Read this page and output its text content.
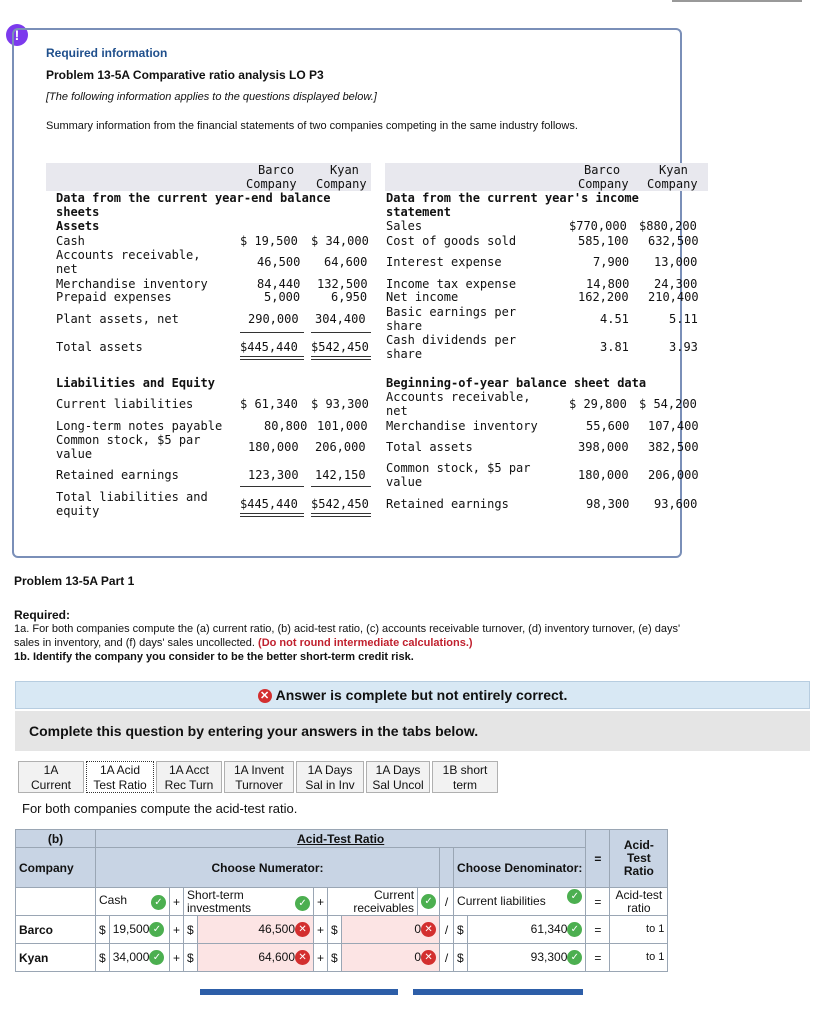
!
Required information
Problem 13-5A Comparative ratio analysis LO P3
[The following information applies to the questions displayed below.]
Summary information from the financial statements of two companies competing in the same industry follows.
Barco	Kyan
Company Company
Data from the current year-end balance
sheets
Assets
Cash	$ 19,500 $ 34,000
Accounts receivable,
net	46,500 64,600
Merchandise inventory	84,440 132,500
Prepaid expenses	5,000	6,950
Plant assets, net	290,000 304,400
Total assets	$445,440 $542,450
Liabilities and Equity
Current liabilities	$ 61,340 $ 93,300
Long-term notes payable	80,800 101,000
Common stock, $5 par
value	180,000 206,000
Retained earnings	123,300 142,150
Total liabilities and
equity	$445,440 $542,450
Barco	Kyan
Company Company
Data from the current year's income
statement
Sales	$770,000 $880,200
Cost of goods sold	585,100 632,500
Interest expense	7,900 13,000
Income tax expense	14,800 24,300
Net income	162,200 210,400
Basic earnings per
share	4.51	5.11
Cash dividends per
share	3.81	3.93
Beginning-of-year balance sheet data
Accounts receivable,
net	$ 29,800 $ 54,200
Merchandise inventory	55,600 107,400
Total assets	398,000 382,500
Common stock, $5 par
value	180,000 206,000
Retained earnings	98,300 93,600
Problem 13-5A Part 1
Required:
1a. For both companies compute the (a) current ratio, (b) acid-test ratio, (c) accounts receivable turnover, (d) inventory turnover, (e) days' sales in inventory, and (f) days' sales uncollected. (Do not round intermediate calculations.)
1b. Identify the company you consider to be the better short-term credit risk.
✕ Answer is complete but not entirely correct.
Complete this question by entering your answers in the tabs below.
1A
Current
1A Acid
Test Ratio
1A Acct
Rec Turn
1A Invent
Turnover
1A Days
Sal in Inv
1A Days
Sal Uncol
1B short
term
For both companies compute the acid-test ratio.
(b)	Acid-Test Ratio												=	Acid-Test Ratio
Company	Choose Numerator:										Choose Denominator:			
	Cash ✓		+	Short-term investments ✓		+	Current receivables		✓	/	Current liabilities ✓		=	Acid-test ratio
Barco	$	19,500 ✓	+	$	46,500 ✕	+	$	0 ✕		/	$	61,340 ✓	=	to 1
Kyan	$	34,000 ✓	+	$	64,600 ✕	+	$	0 ✕		/	$	93,300 ✓	=	to 1
